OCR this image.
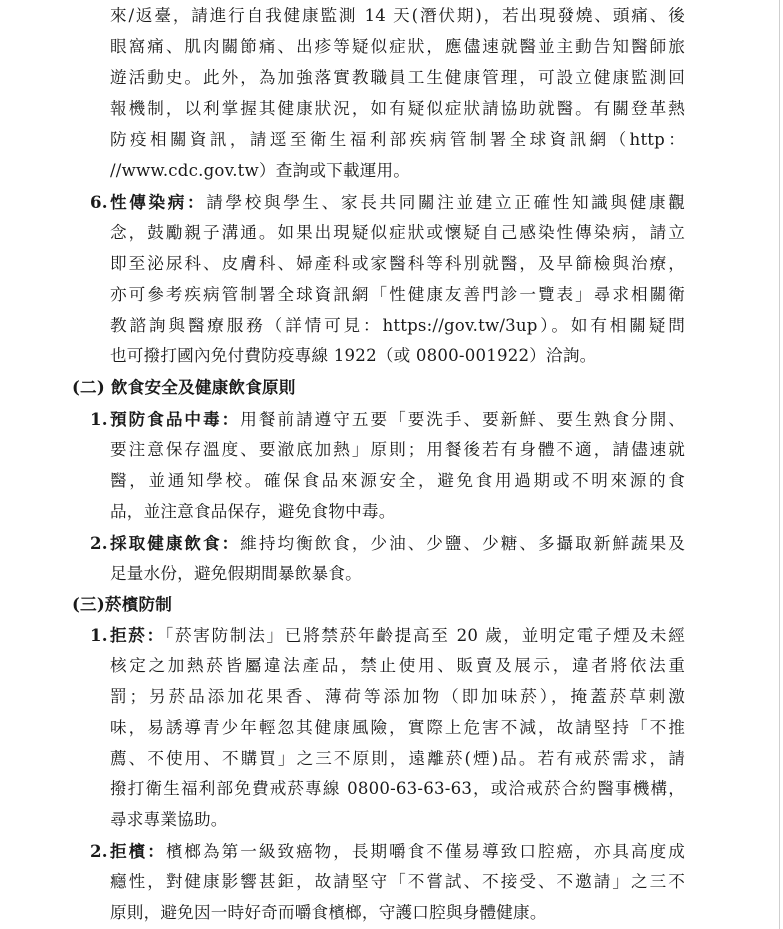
來/返臺，請進行自我健康監測 14 天(潛伏期)，若出現發燒、頭痛、後
眼窩痛、肌肉關節痛、出疹等疑似症狀，應儘速就醫並主動告知醫師旅
遊活動史。此外，為加強落實教職員工生健康管理，可設立健康監測回
報機制，以利掌握其健康狀況，如有疑似症狀請協助就醫。有關登革熱
防疫相關資訊，請逕至衛生福利部疾病管制署全球資訊網（http：
//www.cdc.gov.tw）查詢或下載運用。
6. 性傳染病：請學校與學生、家長共同關注並建立正確性知識與健康觀
念，鼓勵親子溝通。如果出現疑似症狀或懷疑自己感染性傳染病，請立
即至泌尿科、皮膚科、婦產科或家醫科等科別就醫，及早篩檢與治療，
亦可參考疾病管制署全球資訊網「性健康友善門診一覽表」尋求相關衛
教諮詢與醫療服務（詳情可見：https://gov.tw/3up）。如有相關疑問
也可撥打國內免付費防疫專線 1922（或 0800-001922）洽詢。
(二) 飲食安全及健康飲食原則
1. 預防食品中毒：用餐前請遵守五要「要洗手、要新鮮、要生熟食分開、
要注意保存溫度、要澈底加熱」原則；用餐後若有身體不適，請儘速就
醫，並通知學校。確保食品來源安全，避免食用過期或不明來源的食
品，並注意食品保存，避免食物中毒。
2. 採取健康飲食：維持均衡飲食，少油、少鹽、少糖、多攝取新鮮蔬果及
足量水份，避免假期間暴飲暴食。
(三)菸檳防制
1. 拒菸：「菸害防制法」已將禁菸年齡提高至 20 歲，並明定電子煙及未經
核定之加熱菸皆屬違法產品，禁止使用、販賣及展示，違者將依法重
罰；另菸品添加花果香、薄荷等添加物（即加味菸），掩蓋菸草刺激
味，易誘導青少年輕忽其健康風險，實際上危害不減，故請堅持「不推
薦、不使用、不購買」之三不原則，遠離菸(煙)品。若有戒菸需求，請
撥打衛生福利部免費戒菸專線 0800-63-63-63，或洽戒菸合約醫事機構，
尋求專業協助。
2. 拒檳：檳榔為第一級致癌物，長期嚼食不僅易導致口腔癌，亦具高度成
癮性，對健康影響甚鉅，故請堅守「不嘗試、不接受、不邀請」之三不
原則，避免因一時好奇而嚼食檳榔，守護口腔與身體健康。
